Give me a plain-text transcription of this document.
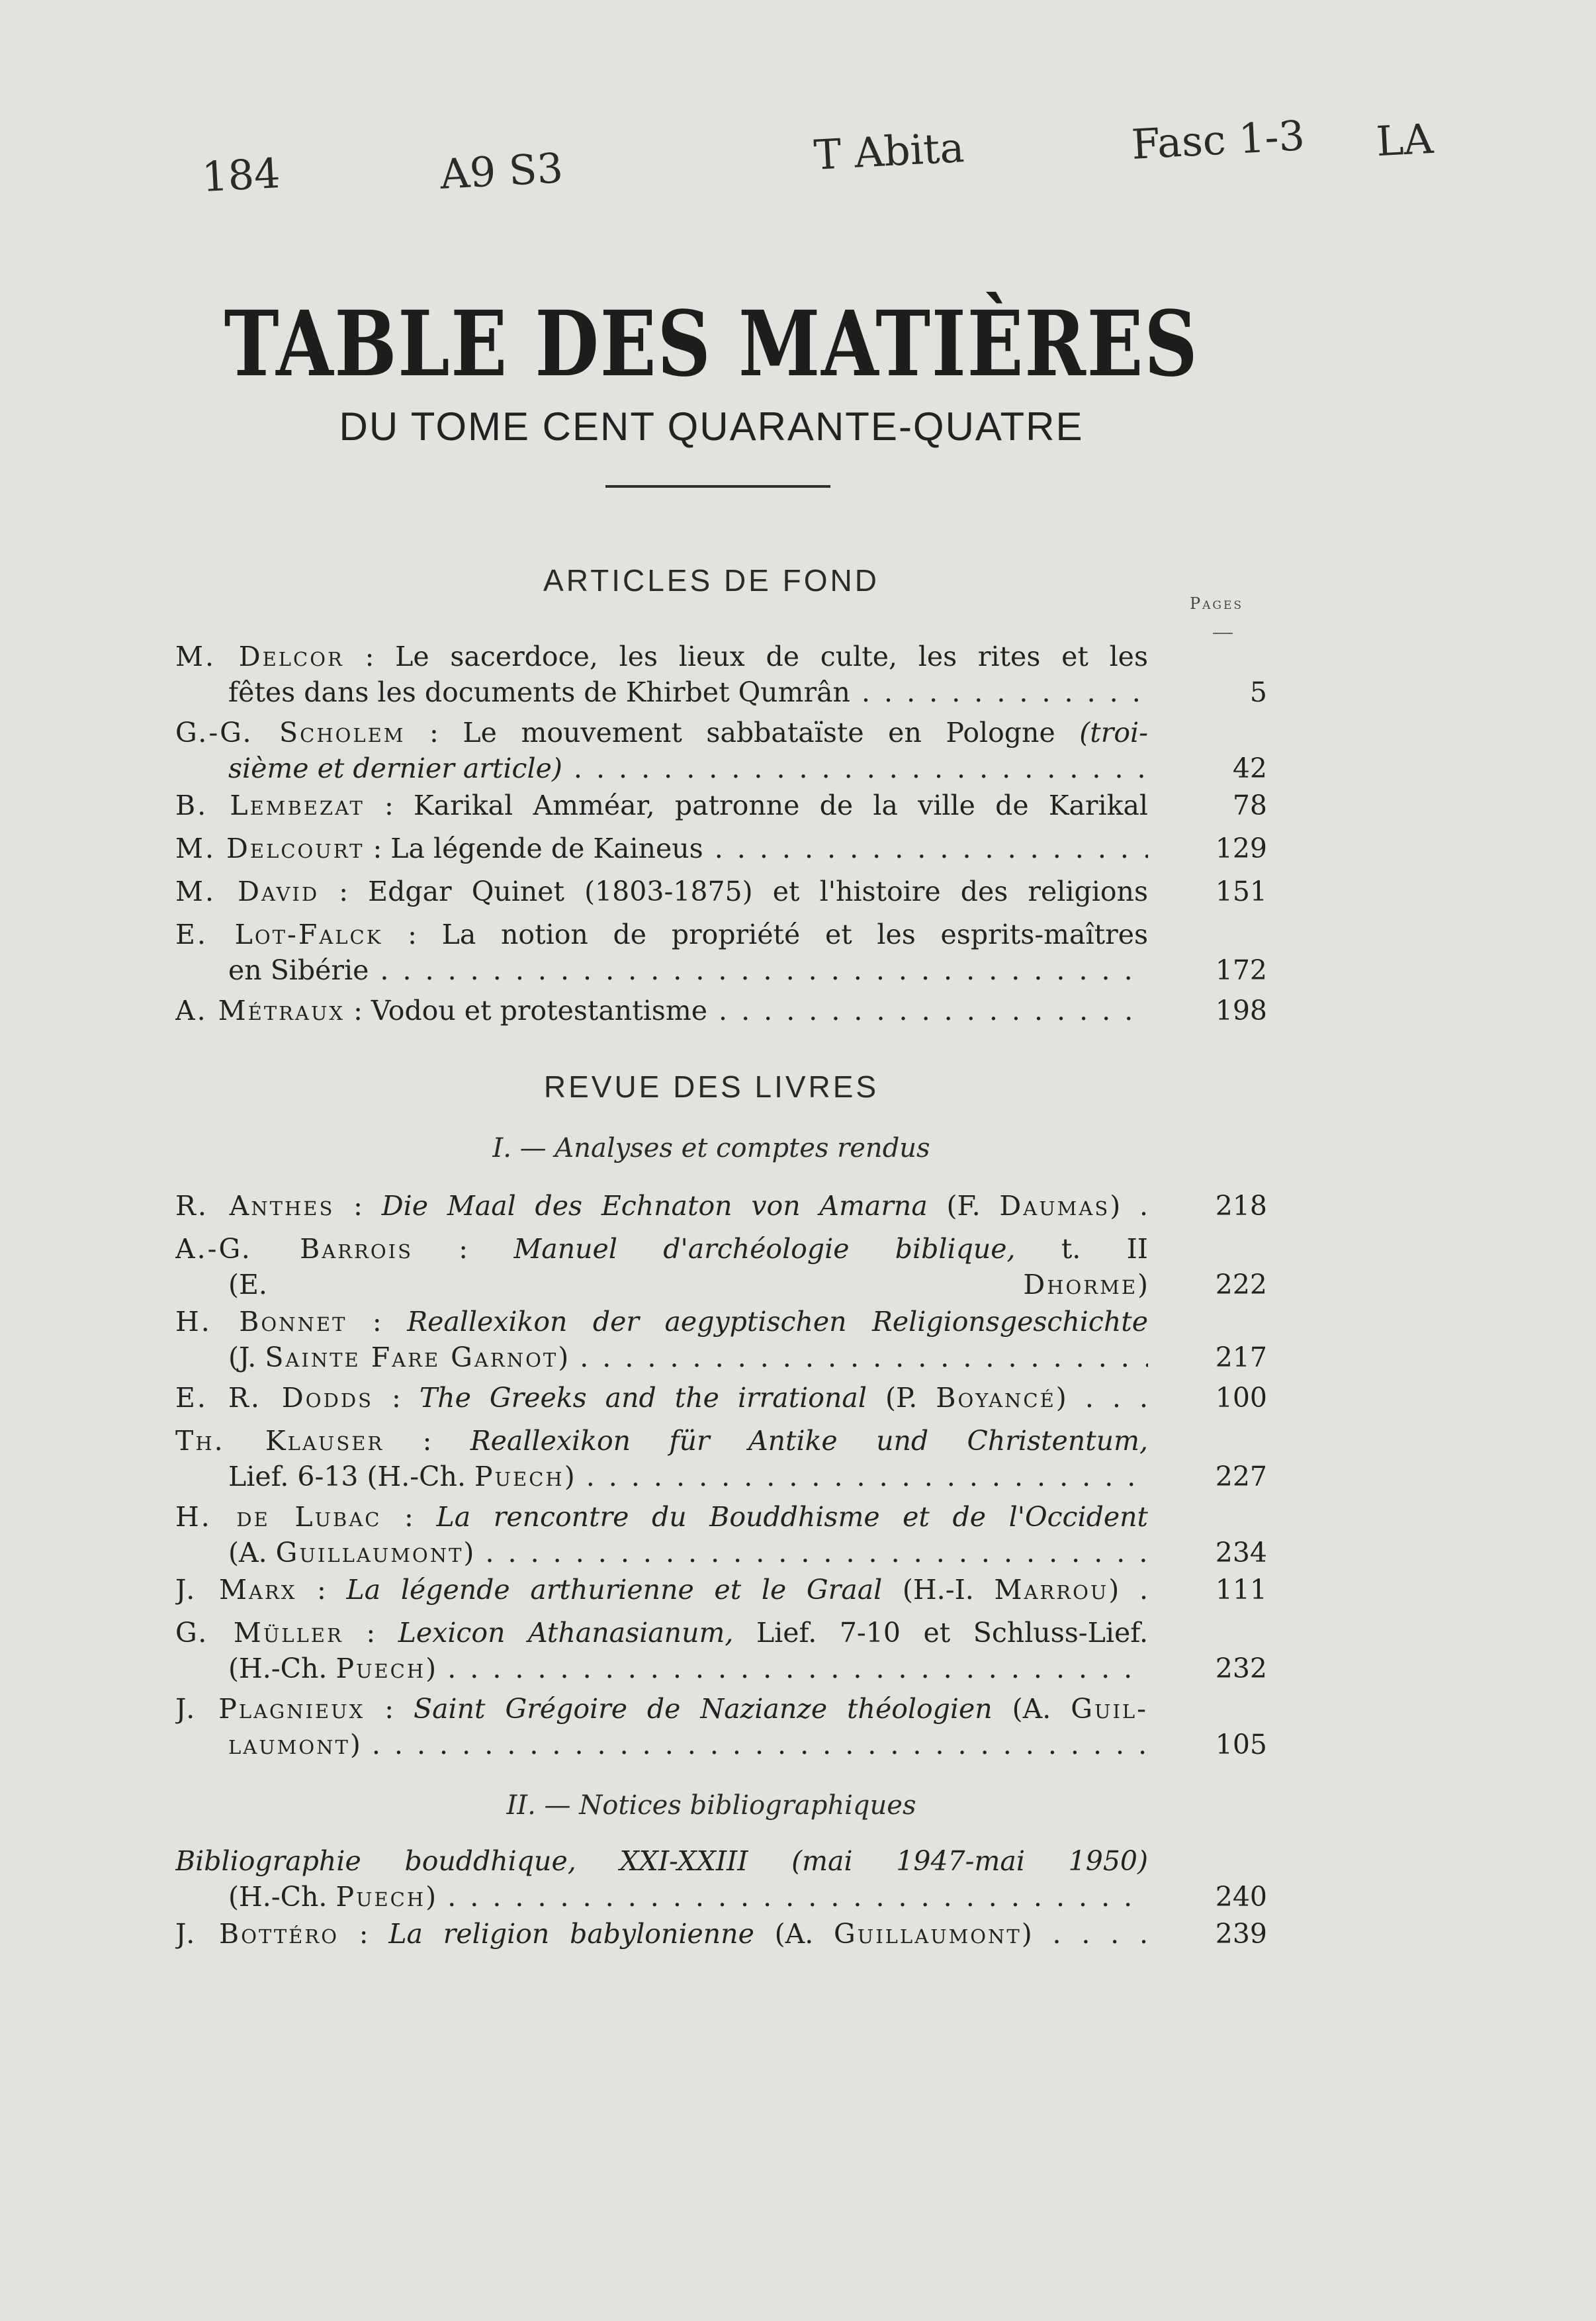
184	A9 S3	T Abita	Fasc 1-3 LA
TABLE DES MATIÈRES
DU TOME CENT QUARANTE-QUATRE
ARTICLES DE FOND
Pages
M. Delcor : Le sacerdoce, les lieux de culte, les rites et les
fêtes dans les documents de Khirbet Qumrân . . .	5
G.-G. Scholem : Le mouvement sabbataïste en Pologne (troi-
sième et dernier article) . . .	42
B. Lembezat : Karikal Amméar, patronne de la ville de Karikal	78
M. Delcourt : La légende de Kaineus . . .	129
M. David : Edgar Quinet (1803-1875) et l'histoire des religions	151
E. Lot-Falck : La notion de propriété et les esprits-maîtres
en Sibérie . . .	172
A. Métraux : Vodou et protestantisme . . .	198
R. Anthes : Die Maal des Echnaton von Amarna (F. Daumas) .	218
A.-G. Barrois : Manuel d'archéologie biblique, t. II
(E. Dhorme)	222
H. Bonnet : Reallexikon der aegyptischen Religionsgeschichte
(J. Sainte Fare Garnot) . . .	217
E. R. Dodds : The Greeks and the irrational (P. Boyancé) . . .	100
Th. Klauser : Reallexikon für Antike und Christentum,
Lief. 6-13 (H.-Ch. Puech) . . .	227
H. de Lubac : La rencontre du Bouddhisme et de l'Occident
(A. Guillaumont) . . .	234
J. Marx : La légende arthurienne et le Graal (H.-I. Marrou) .	111
G. Müller : Lexicon Athanasianum, Lief. 7-10 et Schluss-Lief.
(H.-Ch. Puech) . . .	232
J. Plagnieux : Saint Grégoire de Nazianze théologien (A. Guil-
laumont) . . .	105
Bibliographie bouddhique, XXI-XXIII (mai 1947-mai 1950)
(H.-Ch. Puech) . . .	240
J. Bottéro : La religion babylonienne (A. Guillaumont) . . . .	239
REVUE DES LIVRES
I. — Analyses et comptes rendus
II. — Notices bibliographiques
